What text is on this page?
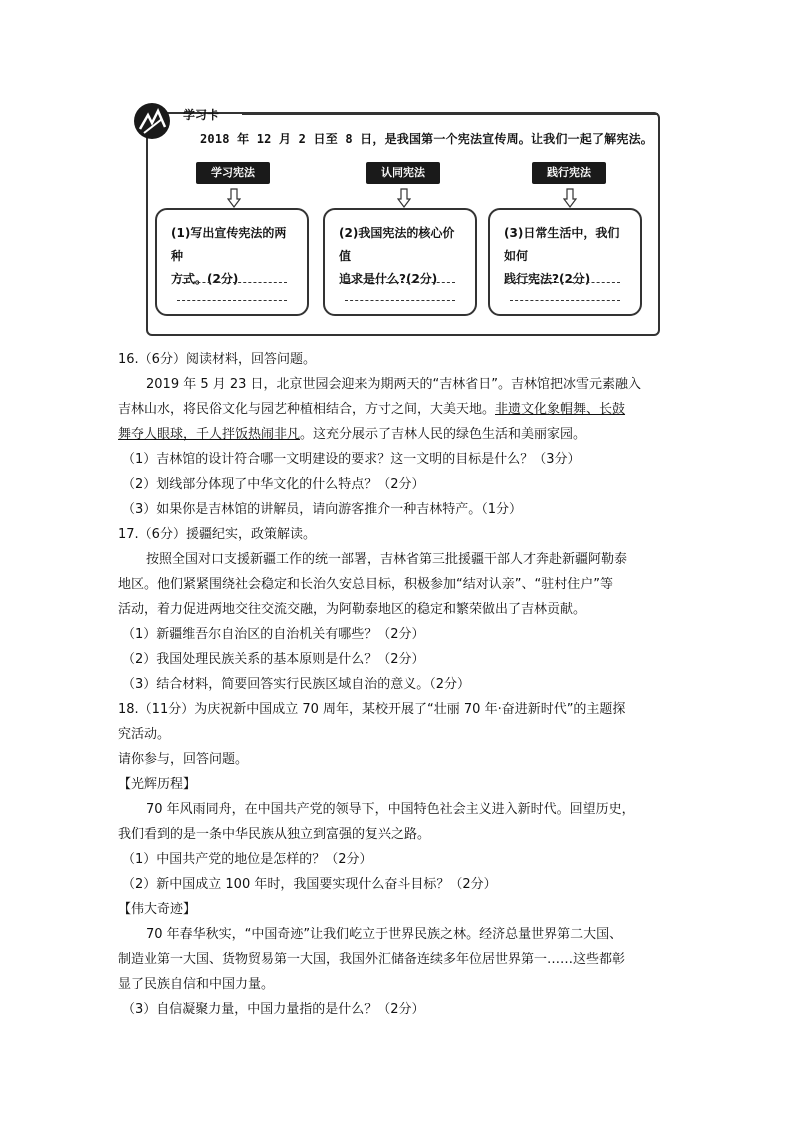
学习卡
2018 年 12 月 2 日至 8 日，是我国第一个宪法宣传周。让我们一起了解宪法。
学习宪法	认同宪法	践行宪法
(1)写出宣传宪法的两种
方式。(2分)
(2)我国宪法的核心价值
追求是什么?(2分)
(3)日常生活中，我们如何
践行宪法?(2分)
16.（6分）阅读材料，回答问题。
2019 年 5 月 23 日，北京世园会迎来为期两天的“吉林省日”。吉林馆把冰雪元素融入
吉林山水，将民俗文化与园艺种植相结合，方寸之间，大美天地。非遗文化象帽舞、长鼓
舞夺人眼球，千人拌饭热闹非凡。这充分展示了吉林人民的绿色生活和美丽家园。
（1）吉林馆的设计符合哪一文明建设的要求？这一文明的目标是什么？（3分）
（2）划线部分体现了中华文化的什么特点？（2分）
（3）如果你是吉林馆的讲解员，请向游客推介一种吉林特产。（1分）
17.（6分）援疆纪实，政策解读。
按照全国对口支援新疆工作的统一部署，吉林省第三批援疆干部人才奔赴新疆阿勒泰
地区。他们紧紧围绕社会稳定和长治久安总目标，积极参加“结对认亲”、“驻村住户”等
活动，着力促进两地交往交流交融，为阿勒泰地区的稳定和繁荣做出了吉林贡献。
（1）新疆维吾尔自治区的自治机关有哪些？（2分）
（2）我国处理民族关系的基本原则是什么？（2分）
（3）结合材料，简要回答实行民族区域自治的意义。（2分）
18.（11分）为庆祝新中国成立 70 周年，某校开展了“壮丽 70 年·奋进新时代”的主题探
究活动。
请你参与，回答问题。
【光辉历程】
70 年风雨同舟，在中国共产党的领导下，中国特色社会主义进入新时代。回望历史，
我们看到的是一条中华民族从独立到富强的复兴之路。
（1）中国共产党的地位是怎样的？（2分）
（2）新中国成立 100 年时，我国要实现什么奋斗目标？（2分）
【伟大奇迹】
70 年春华秋实，“中国奇迹”让我们屹立于世界民族之林。经济总量世界第二大国、
制造业第一大国、货物贸易第一大国，我国外汇储备连续多年位居世界第一……这些都彰
显了民族自信和中国力量。
（3）自信凝聚力量，中国力量指的是什么？（2分）
